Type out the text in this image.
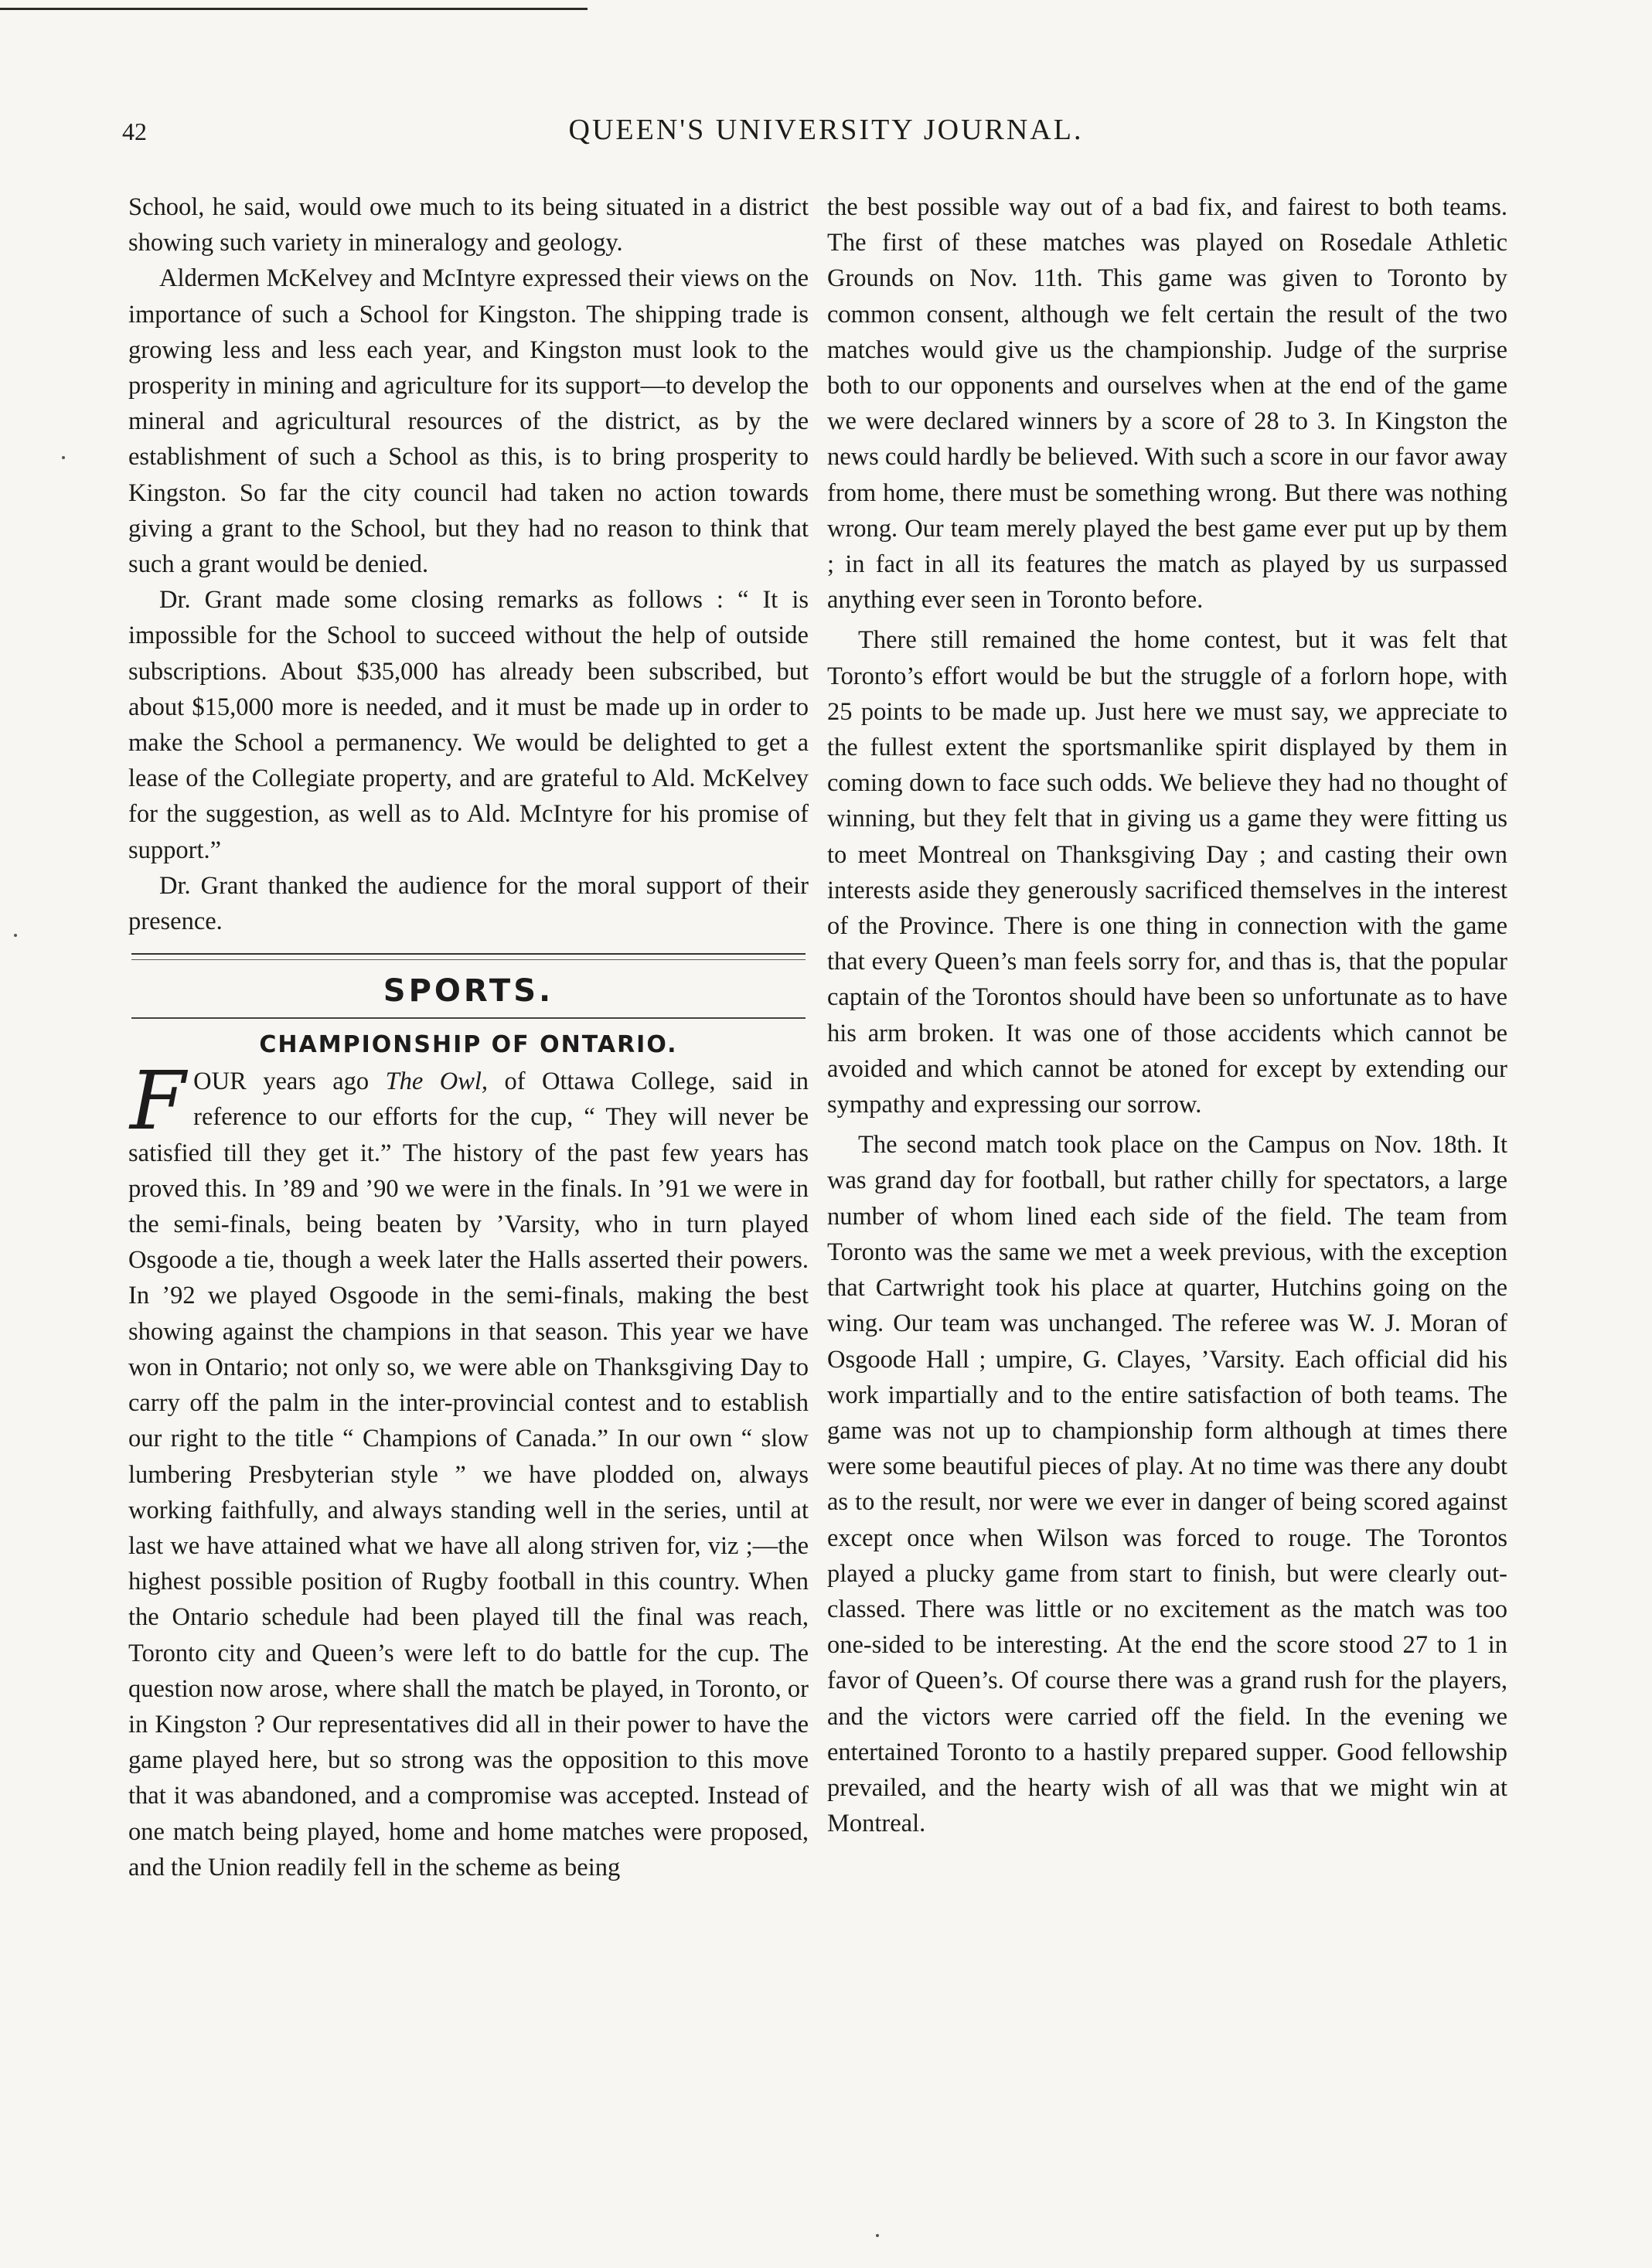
42	QUEEN'S UNIVERSITY JOURNAL.

School, he said, would owe much to its being situated in a district showing such variety in mineralogy and geology.

Aldermen McKelvey and McIntyre expressed their views on the importance of such a School for Kingston. The shipping trade is growing less and less each year, and Kingston must look to the prosperity in mining and agriculture for its support—to develop the mineral and agricultural resources of the district, as by the establishment of such a School as this, is to bring prosperity to Kingston. So far the city council had taken no action towards giving a grant to the School, but they had no reason to think that such a grant would be denied.

Dr. Grant made some closing remarks as follows : “ It is impossible for the School to succeed without the help of outside subscriptions. About $35,000 has already been subscribed, but about $15,000 more is needed, and it must be made up in order to make the School a permanency. We would be delighted to get a lease of the Collegiate property, and are grateful to Ald. McKelvey for the suggestion, as well as to Ald. McIntyre for his promise of support.”

Dr. Grant thanked the audience for the moral support of their presence.

SPORTS.
CHAMPIONSHIP OF ONTARIO.

FOUR years ago The Owl, of Ottawa College, said in reference to our efforts for the cup, “ They will never be satisfied till they get it.” The history of the past few years has proved this. In ’89 and ’90 we were in the finals. In ’91 we were in the semi-finals, being beaten by ’Varsity, who in turn played Osgoode a tie, though a week later the Halls asserted their powers. In ’92 we played Osgoode in the semi-finals, making the best showing against the champions in that season. This year we have won in Ontario; not only so, we were able on Thanksgiving Day to carry off the palm in the inter-provincial contest and to establish our right to the title “ Champions of Canada.” In our own “ slow lumbering Presbyterian style ” we have plodded on, always working faithfully, and always standing well in the series, until at last we have attained what we have all along striven for, viz ;—the highest possible position of Rugby football in this country. When the Ontario schedule had been played till the final was reach, Toronto city and Queen’s were left to do battle for the cup. The question now arose, where shall the match be played, in Toronto, or in Kingston ? Our representatives did all in their power to have the game played here, but so strong was the opposition to this move that it was abandoned, and a compromise was accepted. Instead of one match being played, home and home matches were proposed, and the Union readily fell in the scheme as being

the best possible way out of a bad fix, and fairest to both teams. The first of these matches was played on Rosedale Athletic Grounds on Nov. 11th. This game was given to Toronto by common consent, although we felt certain the result of the two matches would give us the championship. Judge of the surprise both to our opponents and ourselves when at the end of the game we were declared winners by a score of 28 to 3. In Kingston the news could hardly be believed. With such a score in our favor away from home, there must be something wrong. But there was nothing wrong. Our team merely played the best game ever put up by them ; in fact in all its features the match as played by us surpassed anything ever seen in Toronto before.

There still remained the home contest, but it was felt that Toronto’s effort would be but the struggle of a forlorn hope, with 25 points to be made up. Just here we must say, we appreciate to the fullest extent the sportsmanlike spirit displayed by them in coming down to face such odds. We believe they had no thought of winning, but they felt that in giving us a game they were fitting us to meet Montreal on Thanksgiving Day ; and casting their own interests aside they generously sacrificed themselves in the interest of the Province. There is one thing in connection with the game that every Queen’s man feels sorry for, and thas is, that the popular captain of the Torontos should have been so unfortunate as to have his arm broken. It was one of those accidents which cannot be avoided and which cannot be atoned for except by extending our sympathy and expressing our sorrow.

The second match took place on the Campus on Nov. 18th. It was grand day for football, but rather chilly for spectators, a large number of whom lined each side of the field. The team from Toronto was the same we met a week previous, with the exception that Cartwright took his place at quarter, Hutchins going on the wing. Our team was unchanged. The referee was W. J. Moran of Osgoode Hall ; umpire, G. Clayes, ’Varsity. Each official did his work impartially and to the entire satisfaction of both teams. The game was not up to championship form although at times there were some beautiful pieces of play. At no time was there any doubt as to the result, nor were we ever in danger of being scored against except once when Wilson was forced to rouge. The Torontos played a plucky game from start to finish, but were clearly out-classed. There was little or no excitement as the match was too one-sided to be interesting. At the end the score stood 27 to 1 in favor of Queen’s. Of course there was a grand rush for the players, and the victors were carried off the field. In the evening we entertained Toronto to a hastily prepared supper. Good fellowship prevailed, and the hearty wish of all was that we might win at Montreal.
